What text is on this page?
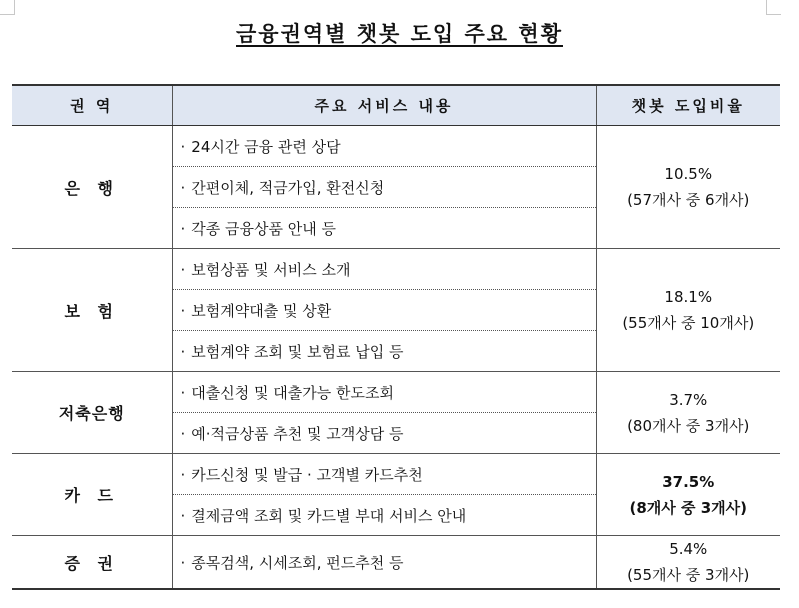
금융권역별 챗봇 도입 주요 현황
권 역	주요 서비스 내용	챗봇 도입비율
은 행	· 24시간 금융 관련 상담	10.5%
(57개사 중 6개사)

	· 간편이체, 적금가입, 환전신청	
	· 각종 금융상품 안내 등	
보 험	· 보험상품 및 서비스 소개	18.1%
(55개사 중 10개사)

	· 보험계약대출 및 상환	
	· 보험계약 조회 및 보험료 납입 등	
저축은행	· 대출신청 및 대출가능 한도조회	3.7%
(80개사 중 3개사)

	· 예·적금상품 추천 및 고객상담 등	
카 드	· 카드신청 및 발급 · 고객별 카드추천	37.5%
(8개사 중 3개사)

	· 결제금액 조회 및 카드별 부대 서비스 안내	
증 권	· 종목검색, 시세조회, 펀드추천 등	5.4%
(55개사 중 3개사)
